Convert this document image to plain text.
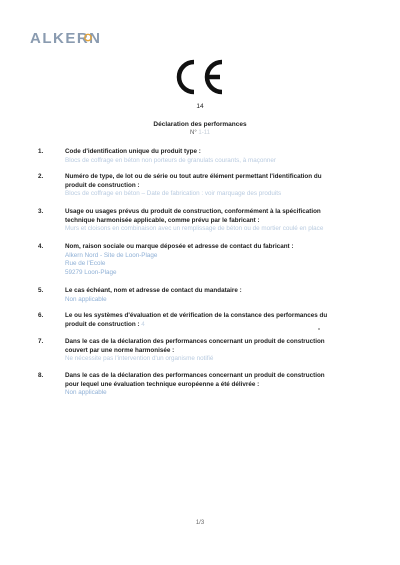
ALKERN
14
Déclaration des performances
N° 1-11
1.	Code d'identification unique du produit type :
Blocs de coffrage en béton non porteurs de granulats courants, à maçonner
2.	Numéro de type, de lot ou de série ou tout autre élément permettant l'identification du produit de construction :
Blocs de coffrage en béton – Date de fabrication : voir marquage des produits
3.	Usage ou usages prévus du produit de construction, conformément à la spécification technique harmonisée applicable, comme prévu par le fabricant :
Murs et cloisons en combinaison avec un remplissage de béton ou de mortier coulé en place
4.	Nom, raison sociale ou marque déposée et adresse de contact du fabricant :
Alkern Nord - Site de Loon-Plage
Rue de l'Ecole
59279 Loon-Plage
5.	Le cas échéant, nom et adresse de contact du mandataire :
Non applicable
6.	Le ou les systèmes d'évaluation et de vérification de la constance des performances du produit de construction : 4
7.	Dans le cas de la déclaration des performances concernant un produit de construction couvert par une norme harmonisée :
Ne nécessite pas l'intervention d'un organisme notifié
8.	Dans le cas de la déclaration des performances concernant un produit de construction pour lequel une évaluation technique européenne a été délivrée :
Non applicable
1/3
